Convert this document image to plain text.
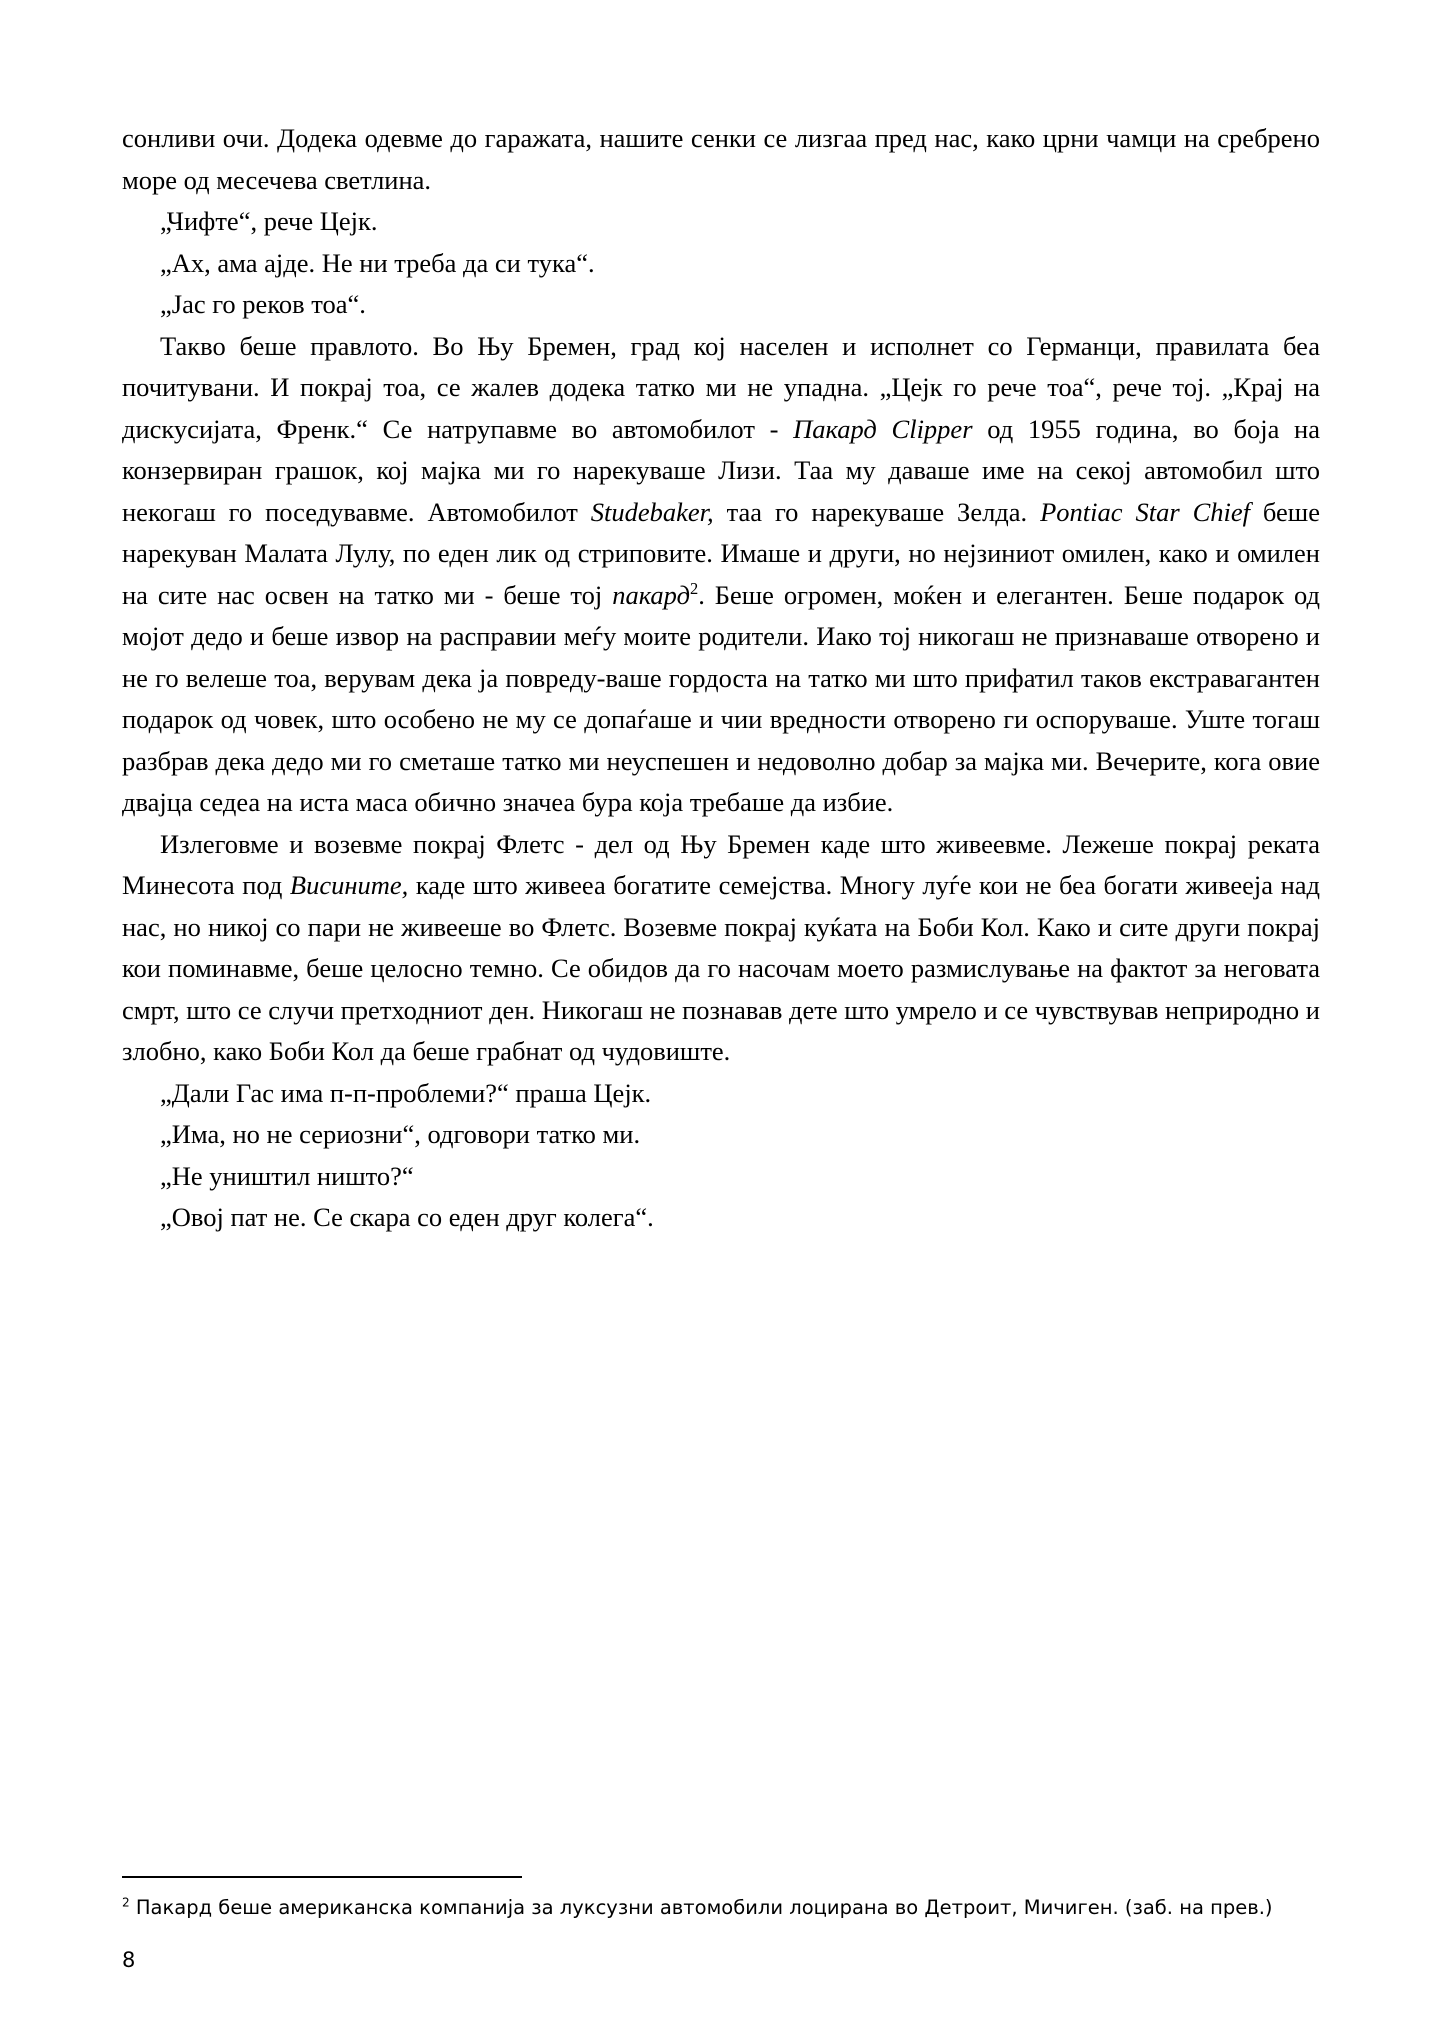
сонливи очи. Додека одевме до гаражата, нашите сенки се лизгаа пред нас, како црни чамци на сребрено море од месечева светлина.

„Чифте“, рече Цејк.

„Ах, ама ајде. Не ни треба да си тука“.

„Јас го реков тоа“.

Такво беше правлото. Во Њу Бремен, град кој населен и исполнет со Германци, правилата беа почитувани. И покрај тоа, се жалев додека татко ми не упадна. „Цејк го рече тоа“, рече тој. „Крај на дискусијата, Френк.“ Се натрупавме во автомобилот - Пакард Clipper од 1955 година, во боја на конзервиран грашок, кој мајка ми го нарекуваше Лизи. Таа му даваше име на секој автомобил што некогаш го поседувавме. Автомобилот Studebaker, таа го нарекуваше Зелда. Pontiac Star Chief беше нарекуван Малата Лулу, по еден лик од стриповите. Имаше и други, но нејзиниот омилен, како и омилен на сите нас освен на татко ми - беше тој пакард$^2$. Беше огромен, моќен и елегантен. Беше подарок од мојот дедо и беше извор на расправии меѓу моите родители. Иако тој никогаш не признаваше отворено и не го велеше тоа, верувам дека ја повреду-ваше гордоста на татко ми што прифатил таков екстравагантен подарок од човек, што особено не му се допаѓаше и чии вредности отворено ги оспоруваше. Уште тогаш разбрав дека дедо ми го сметаше татко ми неуспешен и недоволно добар за мајка ми. Вечерите, кога овие двајца седеа на иста маса обично значеа бура која требаше да избие.

Излеговме и возевме покрај Флетс - дел од Њу Бремен каде што живеевме. Лежеше покрај реката Минесота под Висините, каде што живееа богатите семејства. Многу луѓе кои не беа богати живееја над нас, но никој со пари не живееше во Флетс. Возевме покрај куќата на Боби Кол. Како и сите други покрај кои поминавме, беше целосно темно. Се обидов да го насочам моето размислување на фактот за неговата смрт, што се случи претходниот ден. Никогаш не познавав дете што умрело и се чувствував неприродно и злобно, како Боби Кол да беше грабнат од чудовиште.

„Дали Гас има п-п-проблеми?“ праша Цејк.

„Има, но не сериозни“, одговори татко ми.

„Не уништил ништо?“

„Овој пат не. Се скара со еден друг колега“.

$^2$ Пакард беше американска компанија за луксузни автомобили лоцирана во Детроит, Мичиген. (заб. на прев.)
8
